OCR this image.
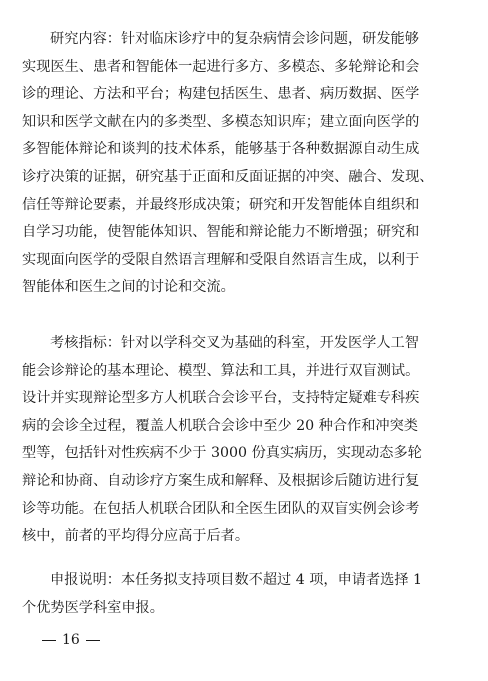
研究内容：针对临床诊疗中的复杂病情会诊问题，研发能够
实现医生、患者和智能体一起进行多方、多模态、多轮辩论和会
诊的理论、方法和平台；构建包括医生、患者、病历数据、医学
知识和医学文献在内的多类型、多模态知识库；建立面向医学的
多智能体辩论和谈判的技术体系，能够基于各种数据源自动生成
诊疗决策的证据，研究基于正面和反面证据的冲突、融合、发现、
信任等辩论要素，并最终形成决策；研究和开发智能体自组织和
自学习功能，使智能体知识、智能和辩论能力不断增强；研究和
实现面向医学的受限自然语言理解和受限自然语言生成，以利于
智能体和医生之间的讨论和交流。
考核指标：针对以学科交叉为基础的科室，开发医学人工智
能会诊辩论的基本理论、模型、算法和工具，并进行双盲测试。
设计并实现辩论型多方人机联合会诊平台，支持特定疑难专科疾
病的会诊全过程，覆盖人机联合会诊中至少 20 种合作和冲突类
型等，包括针对性疾病不少于 3000 份真实病历，实现动态多轮
辩论和协商、自动诊疗方案生成和解释、及根据诊后随访进行复
诊等功能。在包括人机联合团队和全医生团队的双盲实例会诊考
核中，前者的平均得分应高于后者。
申报说明：本任务拟支持项目数不超过 4 项，申请者选择 1
个优势医学科室申报。
16
